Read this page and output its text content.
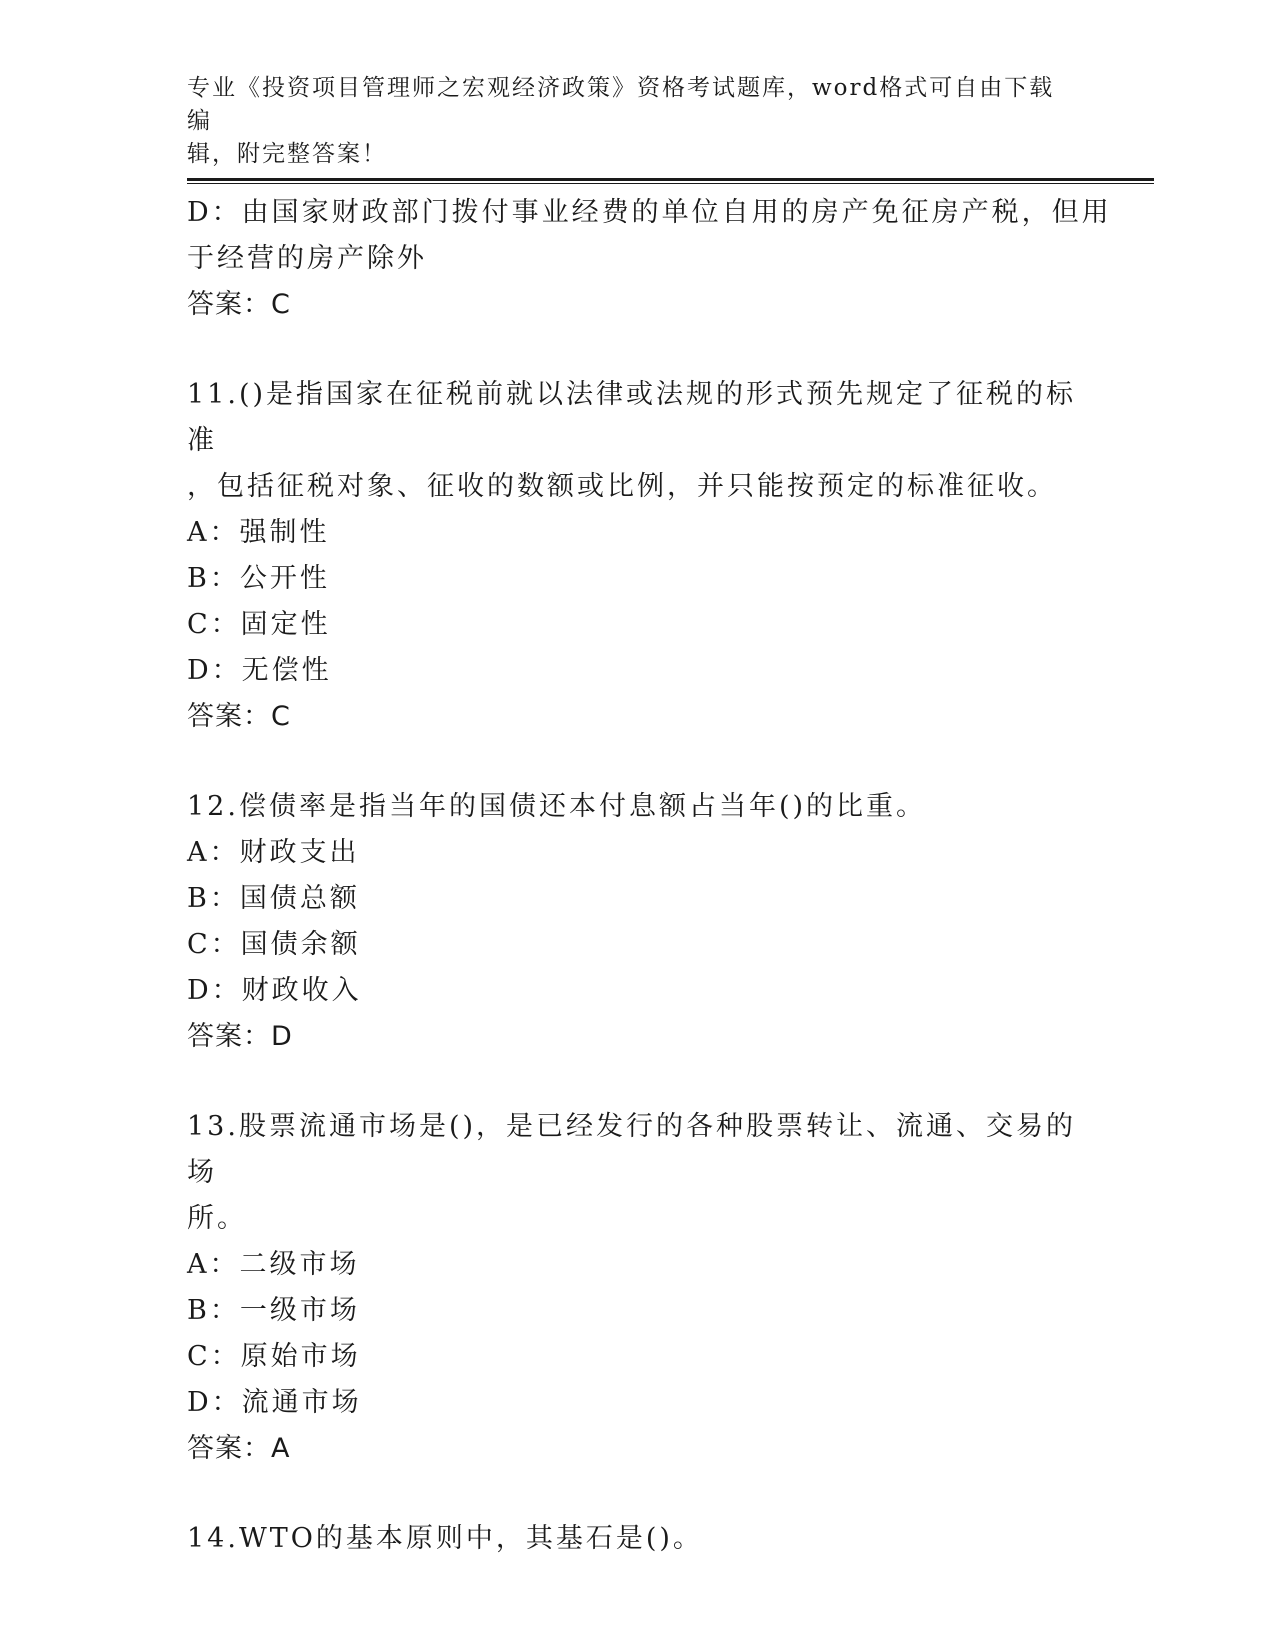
专业《投资项目管理师之宏观经济政策》资格考试题库，word格式可自由下载编
辑，附完整答案！
D：由国家财政部门拨付事业经费的单位自用的房产免征房产税，但用
于经营的房产除外
答案：C
11.()是指国家在征税前就以法律或法规的形式预先规定了征税的标准
，包括征税对象、征收的数额或比例，并只能按预定的标准征收。
A：强制性
B：公开性
C：固定性
D：无偿性
答案：C
12.偿债率是指当年的国债还本付息额占当年()的比重。
A：财政支出
B：国债总额
C：国债余额
D：财政收入
答案：D
13.股票流通市场是()，是已经发行的各种股票转让、流通、交易的场
所。
A：二级市场
B：一级市场
C：原始市场
D：流通市场
答案：A
14.WTO的基本原则中，其基石是()。
